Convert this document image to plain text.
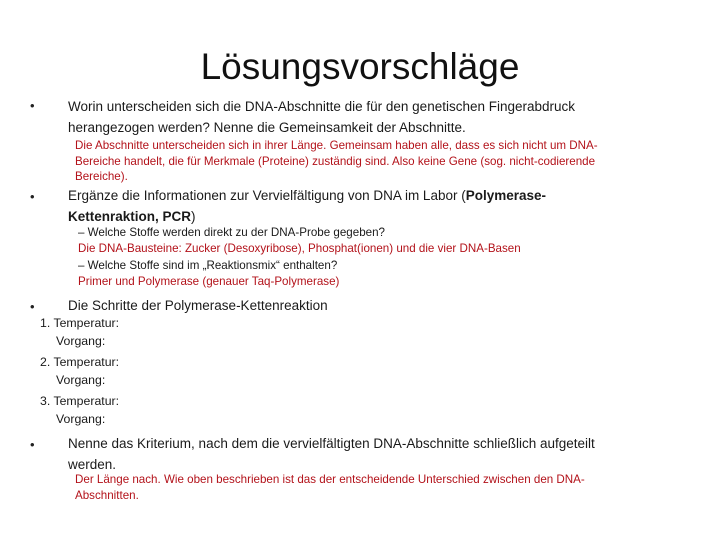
Lösungsvorschläge
• Worin unterscheiden sich die DNA-Abschnitte die für den genetischen Fingerabdruck
herangezogen werden? Nenne die Gemeinsamkeit der Abschnitte.
Die Abschnitte unterscheiden sich in ihrer Länge. Gemeinsam haben alle, dass es sich nicht um DNA-
Bereiche handelt, die für Merkmale (Proteine) zuständig sind. Also keine Gene (sog. nicht-codierende
Bereiche).
• Ergänze die Informationen zur Vervielfältigung von DNA im Labor (Polymerase-
Kettenraktion, PCR)
– Welche Stoffe werden direkt zu der DNA-Probe gegeben?
Die DNA-Bausteine: Zucker (Desoxyribose), Phosphat(ionen) und die vier DNA-Basen
– Welche Stoffe sind im „Reaktionsmix“ enthalten?
Primer und Polymerase (genauer Taq-Polymerase)
• Die Schritte der Polymerase-Kettenreaktion
1. Temperatur:
Vorgang:
2. Temperatur:
Vorgang:
3. Temperatur:
Vorgang:
• Nenne das Kriterium, nach dem die vervielfältigten DNA-Abschnitte schließlich aufgeteilt
werden.
Der Länge nach. Wie oben beschrieben ist das der entscheidende Unterschied zwischen den DNA-
Abschnitten.
